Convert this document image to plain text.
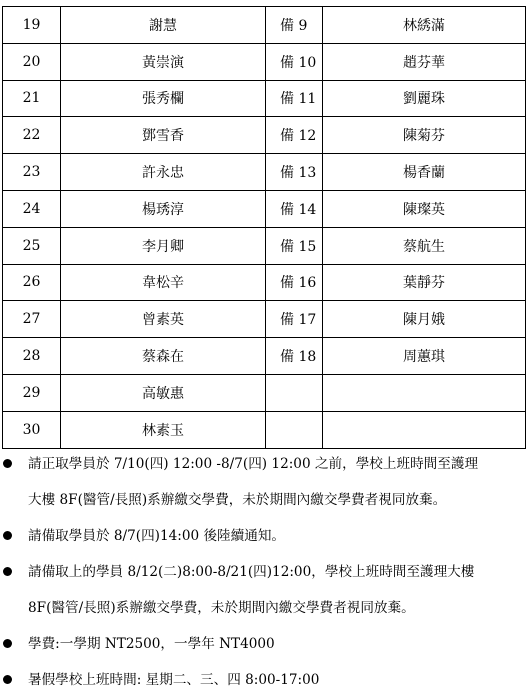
19	謝慧	備 9	林綉滿
20	黃崇演	備 10	趙芬華
21	張秀欄	備 11	劉麗珠
22	鄧雪香	備 12	陳菊芬
23	許永忠	備 13	楊香蘭
24	楊琇淳	備 14	陳璨英
25	李月卿	備 15	蔡航生
26	韋松辛	備 16	葉靜芬
27	曾素英	備 17	陳月娥
28	蔡森在	備 18	周蕙琪
29	高敏惠		
30	林素玉		
請正取學員於 7/10(四) 12:00 -8/7(四) 12:00 之前，學校上班時間至護理
大樓 8F(醫管/長照)系辦繳交學費，未於期間內繳交學費者視同放棄。
請備取學員於 8/7(四)14:00 後陸續通知。
請備取上的學員 8/12(二)8:00-8/21(四)12:00，學校上班時間至護理大樓
8F(醫管/長照)系辦繳交學費，未於期間內繳交學費者視同放棄。
學費:一學期 NT2500，一學年 NT4000
暑假學校上班時間: 星期二、三、四 8:00-17:00
